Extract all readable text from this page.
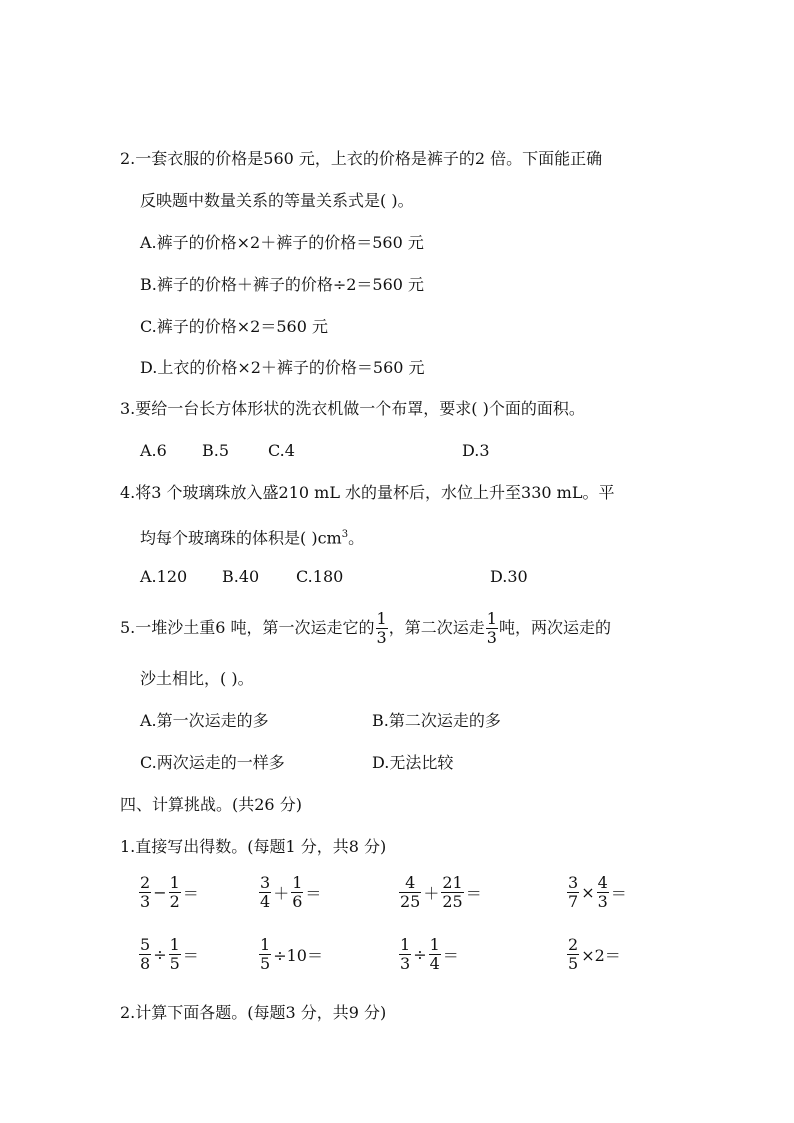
2.一套衣服的价格是560 元，上衣的价格是裤子的2 倍。下面能正确
反映题中数量关系的等量关系式是( )。
A.裤子的价格×2＋裤子的价格＝560 元
B.裤子的价格＋裤子的价格÷2＝560 元
C.裤子的价格×2＝560 元
D.上衣的价格×2＋裤子的价格＝560 元
3.要给一台长方体形状的洗衣机做一个布罩，要求( )个面的面积。
A.6 B.5 C.4	D.3
4.将3 个玻璃珠放入盛210 mL 水的量杯后，水位上升至330 mL。平
均每个玻璃珠的体积是( )$cm^3$。
A.120 B.40 C.180	D.30
5.一堆沙土重6 吨，第一次运走它的 $\frac{1}{3}$ ，第二次运走 $\frac{1}{3}$ 吨，两次运走的
沙土相比，( )。
A.第一次运走的多	B.第二次运走的多
C.两次运走的一样多	D.无法比较
四、计算挑战。(共26 分)
1.直接写出得数。(每题1 分，共8 分)
$\frac{2}{3} - \frac{1}{2}$ ＝	$\frac{3}{4} + \frac{1}{6}$ ＝	$\frac{4}{25} + \frac{21}{25}$ ＝	$\frac{3}{7} \times \frac{4}{3}$ ＝
$\frac{5}{8} \div \frac{1}{5}$ ＝	$\frac{1}{5} \div 10=$	$\frac{1}{3} \div \frac{1}{4}$ ＝	$\frac{2}{5} \times 2=$
2.计算下面各题。(每题3 分，共9 分)
